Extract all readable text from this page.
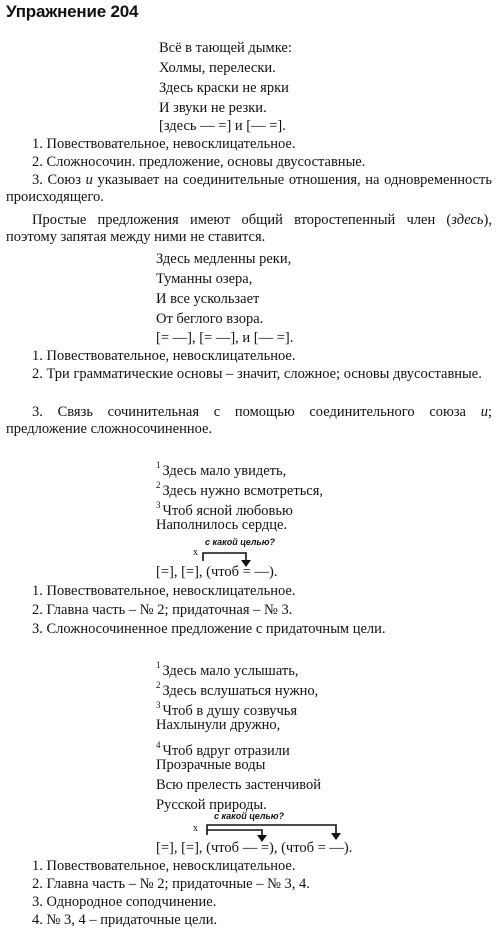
Упражнение 204
Всё в тающей дымке:
Холмы, перелески.
Здесь краски не ярки
И звуки не резки.
[здесь — =] и [— =].
1. Повествовательное, невосклицательное.
2. Сложносочин. предложение, основы двусоставные.
3. Союз и указывает на соединительные отношения, на одновременность происходящего.
Простые предложения имеют общий второстепенный член (здесь), поэтому запятая между ними не ставится.
Здесь медленны реки,
Туманны озера,
И все ускользает
От беглого взора.
[= —], [= —], и [— =].
1. Повествовательное, невосклицательное.
2. Три грамматические основы – значит, сложное; основы двусоставные.
3. Связь сочинительная с помощью соединительного союза и; предложение сложносочиненное.
$^1$ Здесь мало увидеть,
$^2$ Здесь нужно всмотреться,
$^3$ Чтоб ясной любовью
Наполнилось сердце.
с какой целью?
x
[=], [=], (чтоб = —).
1. Повествовательное, невосклицательное.
2. Главна часть – № 2; придаточная – № 3.
3. Сложносочиненное предложение с придаточным цели.
$^1$ Здесь мало услышать,
$^2$ Здесь вслушаться нужно,
$^3$ Чтоб в душу созвучья
Нахлынули дружно,
$^4$ Чтоб вдруг отразили
Прозрачные воды
Всю прелесть застенчивой
Русской природы.
с какой целью?
x
[=], [=], (чтоб — =), (чтоб = —).
1. Повествовательное, невосклицательное.
2. Главна часть – № 2; придаточные – № 3, 4.
3. Однородное соподчинение.
4. № 3, 4 – придаточные цели.
